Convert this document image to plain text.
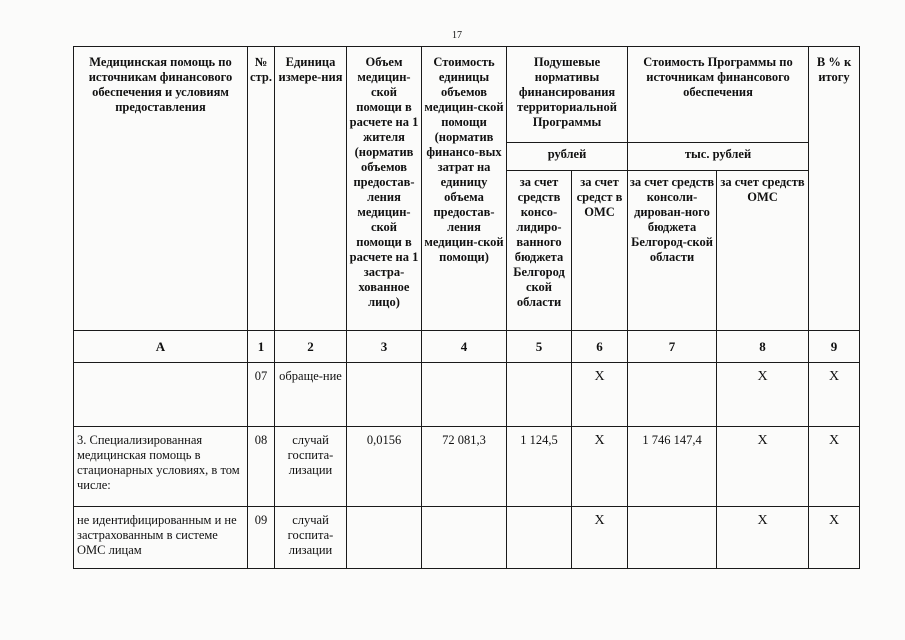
17
Медицинская помощь по источникам финансового обеспечения и условиям предоставления	№ стр.	Единица измере-ния	Объем медицин-ской помощи в расчете на 1 жителя (норматив объемов предостав-ления медицин-ской помощи в расчете на 1 застра-хованное лицо)	Стоимость единицы объемов медицин-ской помощи (норматив финансо-вых затрат на единицу объема предостав-ления медицин-ской помощи)	Подушевые нормативы финансирования территориальной Программы		Стоимость Программы по источникам финансового обеспечения		В % к итогу
					рублей		тыс. рублей		
					за счет средств консо-лидиро-ванного бюджета Белгород ской области	за счет средст в ОМС	за счет средств консоли-дирован-ного бюджета Белгород-ской области	за счет средств ОМС	
А	1	2	3	4	5	6	7	8	9
	07	обраще-ние				Х		Х	Х
3. Специализированная медицинская помощь в стационарных условиях, в том числе:	08	случай госпита-лизации	0,0156	72 081,3	1 124,5	Х	1 746 147,4	Х	Х
не идентифицированным и не застрахованным в системе ОМС лицам	09	случай госпита-лизации				Х		Х	Х
